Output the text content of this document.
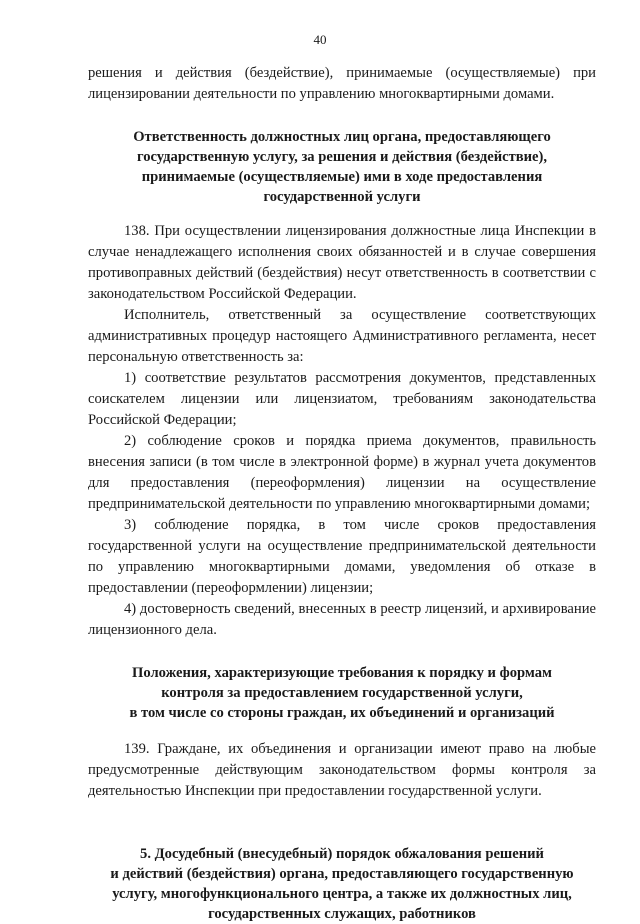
40

решения и действия (бездействие), принимаемые (осуществляемые) при лицензировании деятельности по управлению многоквартирными домами.

Ответственность должностных лиц органа, предоставляющего
государственную услугу, за решения и действия (бездействие),
принимаемые (осуществляемые) ими в ходе предоставления
государственной услуги

138. При осуществлении лицензирования должностные лица Инспекции в случае ненадлежащего исполнения своих обязанностей и в случае совершения противоправных действий (бездействия) несут ответственность в соответствии с законодательством Российской Федерации.

Исполнитель, ответственный за осуществление соответствующих административных процедур настоящего Административного регламента, несет персональную ответственность за:

1) соответствие результатов рассмотрения документов, представленных соискателем лицензии или лицензиатом, требованиям законодательства Российской Федерации;

2) соблюдение сроков и порядка приема документов, правильность внесения записи (в том числе в электронной форме) в журнал учета документов для предоставления (переоформления) лицензии на осуществление предпринимательской деятельности по управлению многоквартирными домами;

3) соблюдение порядка, в том числе сроков предоставления государственной услуги на осуществление предпринимательской деятельности по управлению многоквартирными домами, уведомления об отказе в предоставлении (переоформлении) лицензии;

4) достоверность сведений, внесенных в реестр лицензий, и архивирование лицензионного дела.

Положения, характеризующие требования к порядку и формам
контроля за предоставлением государственной услуги,
в том числе со стороны граждан, их объединений и организаций

139. Граждане, их объединения и организации имеют право на любые предусмотренные действующим законодательством формы контроля за деятельностью Инспекции при предоставлении государственной услуги.

5. Досудебный (внесудебный) порядок обжалования решений
и действий (бездействия) органа, предоставляющего государственную
услугу, многофункционального центра, а также их должностных лиц,
государственных служащих, работников
